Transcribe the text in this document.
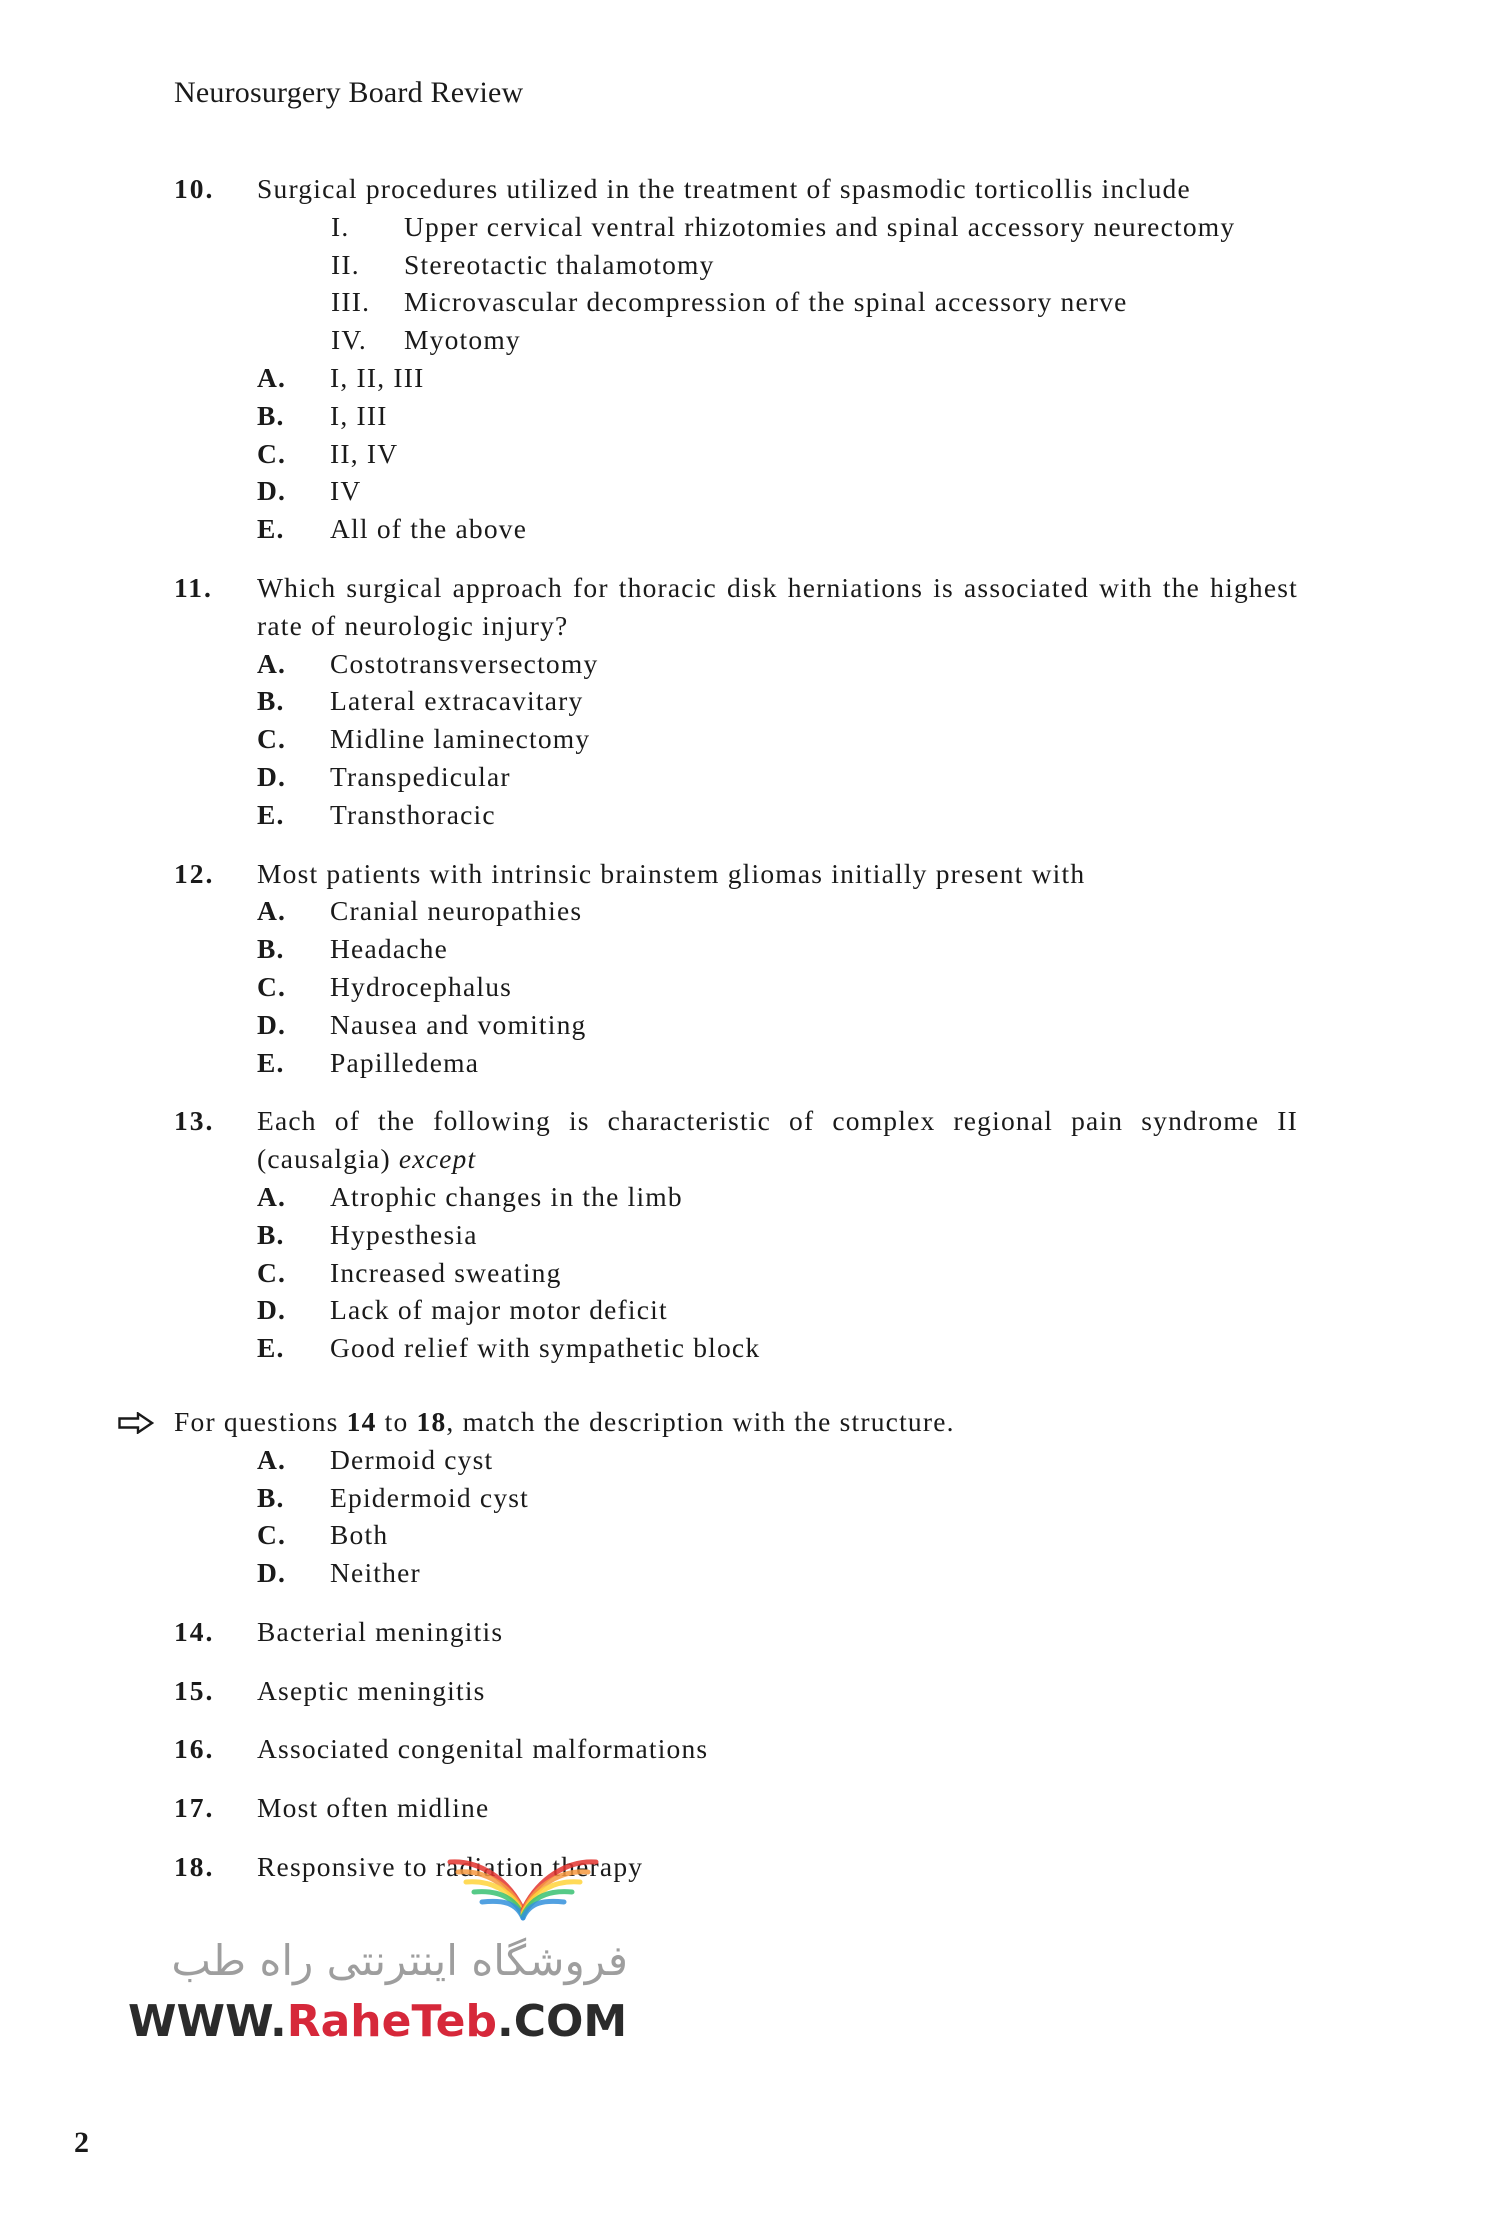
Neurosurgery Board Review
10. Surgical procedures utilized in the treatment of spasmodic torticollis include
I.	Upper cervical ventral rhizotomies and spinal accessory neurectomy
II.	Stereotactic thalamotomy
III.	Microvascular decompression of the spinal accessory nerve
IV.	Myotomy
A.	I, II, III
B.	I, III
C.	II, IV
D.	IV
E.	All of the above
11. Which surgical approach for thoracic disk herniations is associated with the highest rate of neurologic injury?
A.	Costotransversectomy
B.	Lateral extracavitary
C.	Midline laminectomy
D.	Transpedicular
E.	Transthoracic
12. Most patients with intrinsic brainstem gliomas initially present with
A.	Cranial neuropathies
B.	Headache
C.	Hydrocephalus
D.	Nausea and vomiting
E.	Papilledema
13. Each of the following is characteristic of complex regional pain syndrome II (causalgia) except
A.	Atrophic changes in the limb
B.	Hypesthesia
C.	Increased sweating
D.	Lack of major motor deficit
E.	Good relief with sympathetic block
For questions 14 to 18, match the description with the structure.
A.	Dermoid cyst
B.	Epidermoid cyst
C.	Both
D.	Neither
14. Bacterial meningitis
15. Aseptic meningitis
16. Associated congenital malformations
17. Most often midline
18. Responsive to radiation therapy
فروشگاه اینترنتی راه طب
WWW.RaheTeb.COM
2
